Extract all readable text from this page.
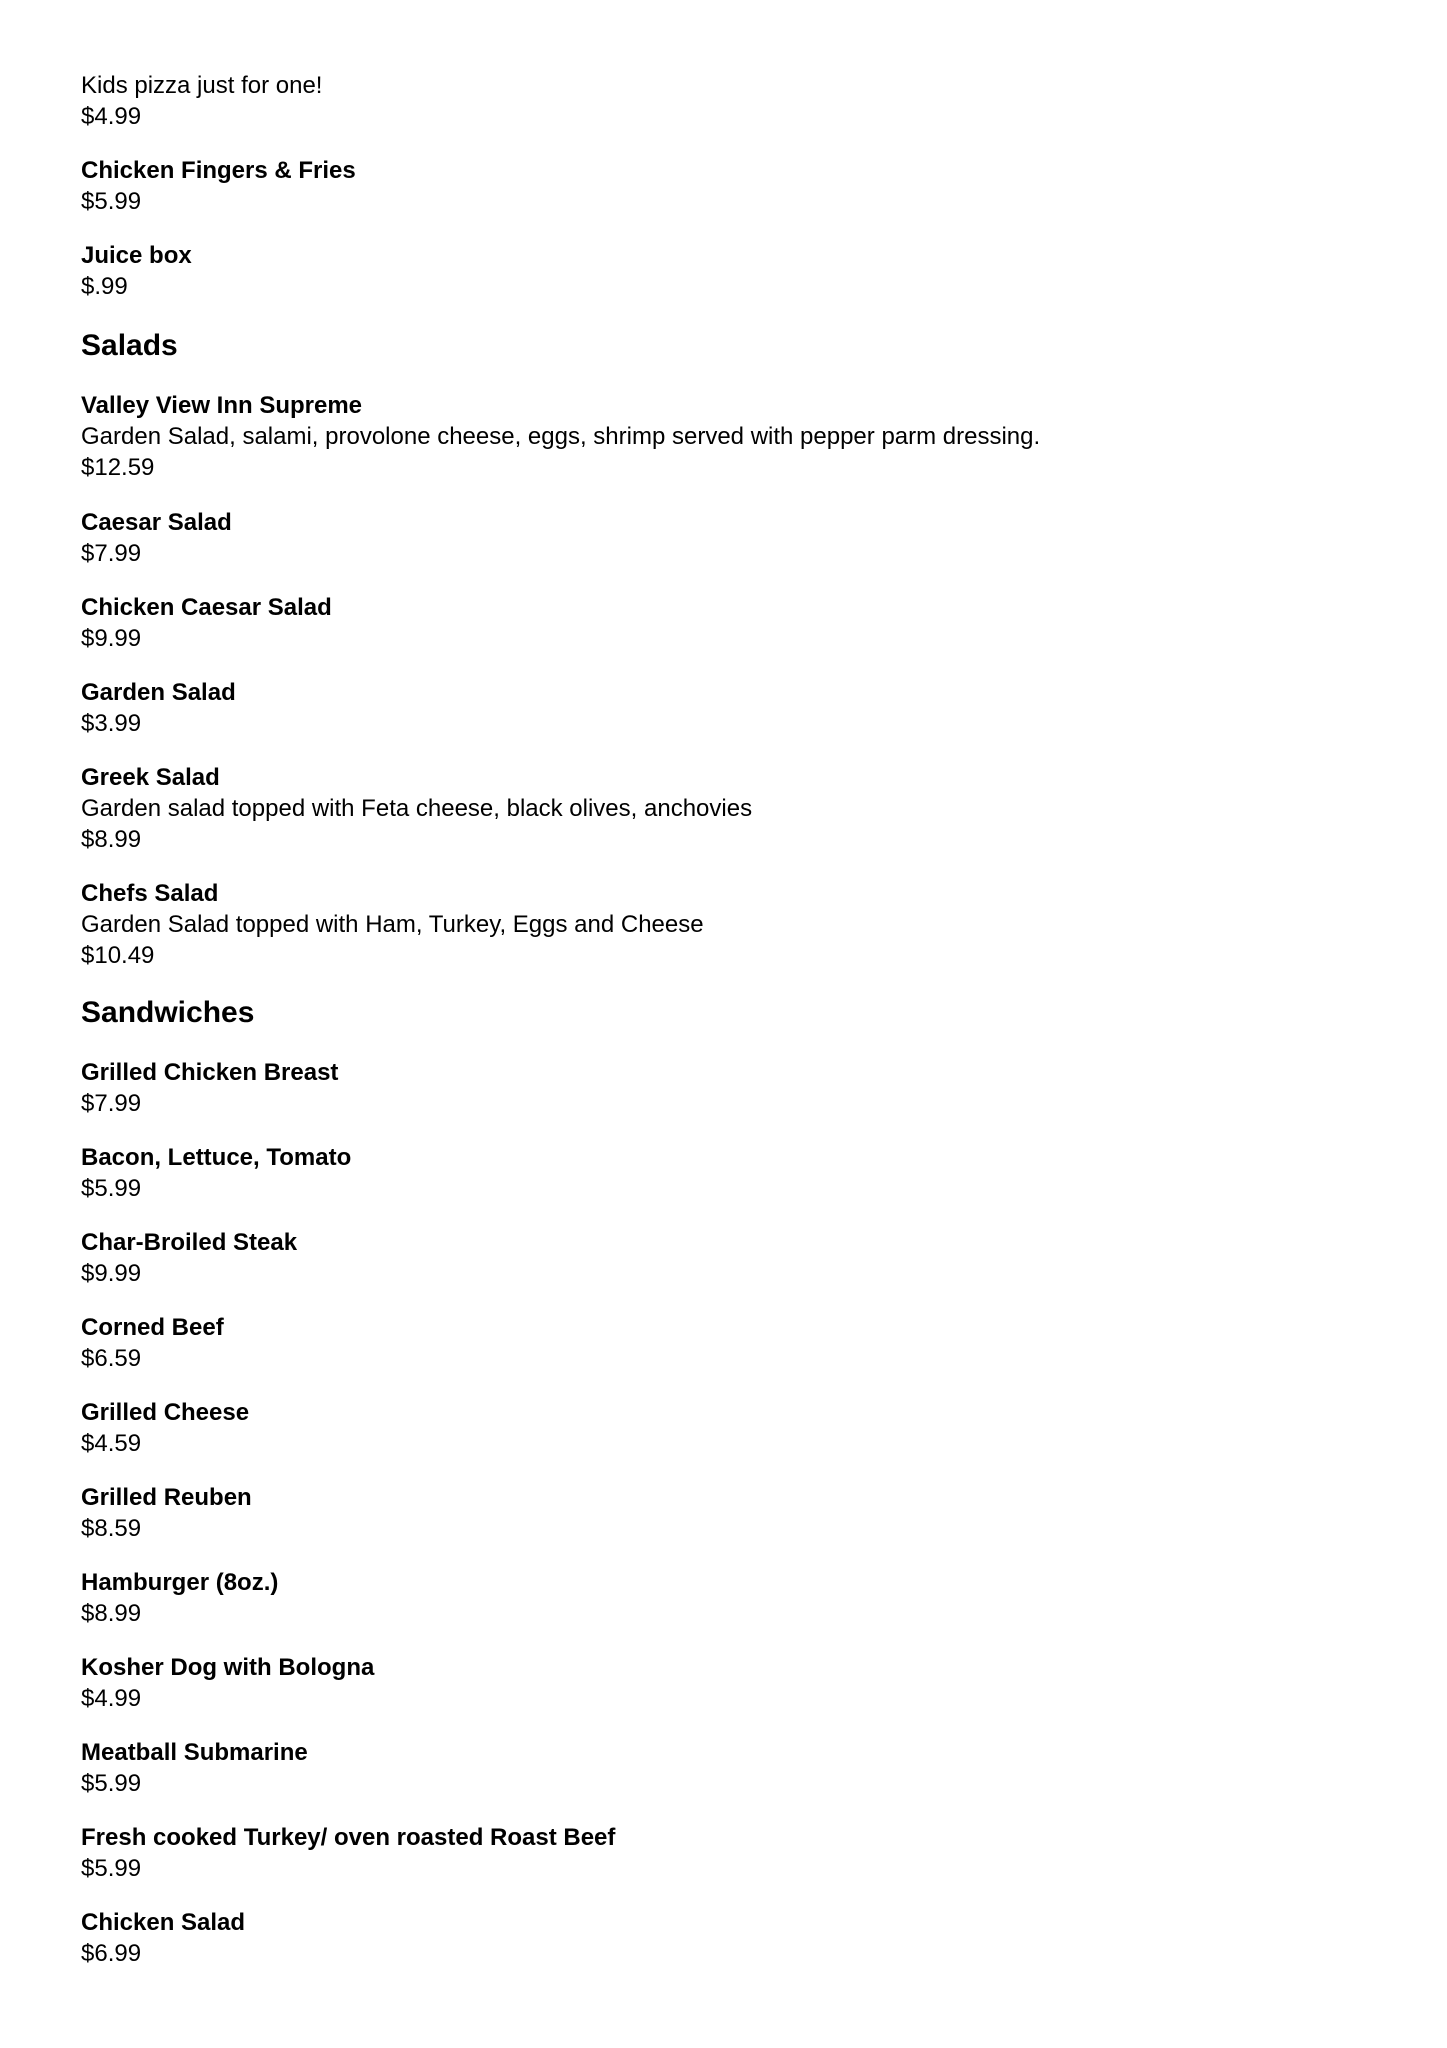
Kids pizza just for one!
$4.99
Chicken Fingers & Fries
$5.99
Juice box
$.99
Salads
Valley View Inn Supreme
Garden Salad, salami, provolone cheese, eggs, shrimp served with pepper parm dressing.
$12.59
Caesar Salad
$7.99
Chicken Caesar Salad
$9.99
Garden Salad
$3.99
Greek Salad
Garden salad topped with Feta cheese, black olives, anchovies
$8.99
Chefs Salad
Garden Salad topped with Ham, Turkey, Eggs and Cheese
$10.49
Sandwiches
Grilled Chicken Breast
$7.99
Bacon, Lettuce, Tomato
$5.99
Char-Broiled Steak
$9.99
Corned Beef
$6.59
Grilled Cheese
$4.59
Grilled Reuben
$8.59
Hamburger (8oz.)
$8.99
Kosher Dog with Bologna
$4.99
Meatball Submarine
$5.99
Fresh cooked Turkey/ oven roasted Roast Beef
$5.99
Chicken Salad
$6.99
